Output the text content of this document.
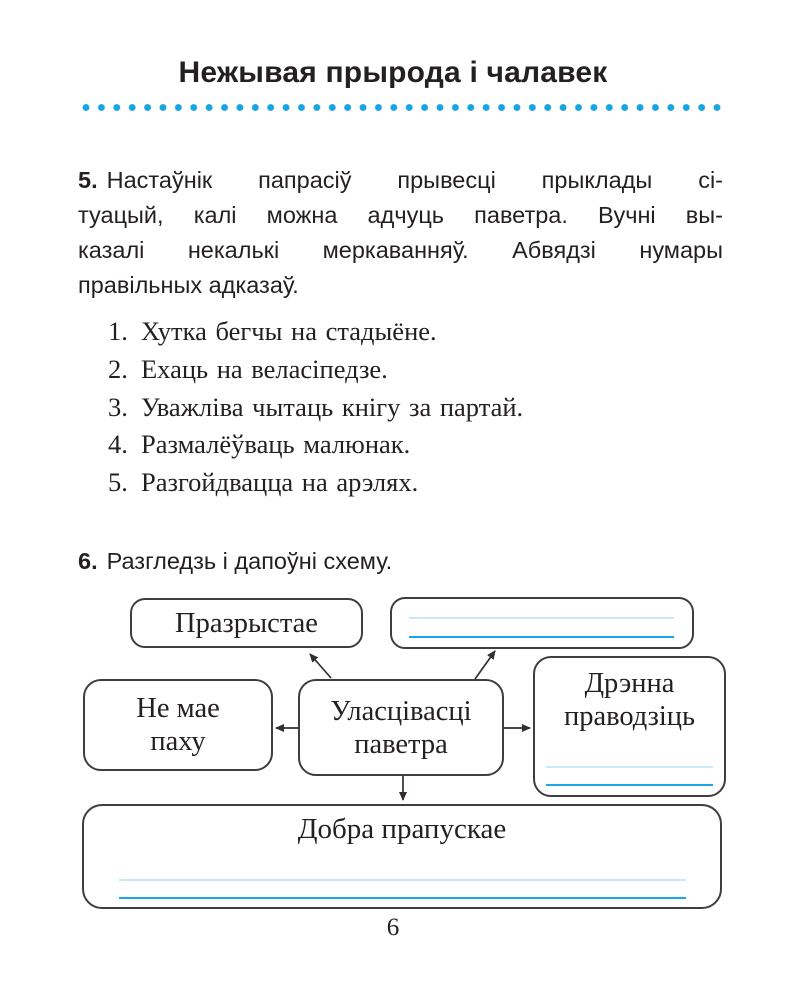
Нежывая прырода і чалавек
5. Настаўнік папрасіў прывесці прыклады сі-
туацый, калі можна адчуць паветра. Вучні вы-
казалі некалькі меркаванняў. Абвядзі нумары
правільных адказаў.
1. Хутка бегчы на стадыёне.
2. Ехаць на веласіпедзе.
3. Уважліва чытаць кнігу за партай.
4. Размалёўваць малюнак.
5. Разгойдвацца на арэлях.
6. Разгледзь і дапоўні схему.
Празрыстае
Не мае
паху
Уласцівасці
паветра
Дрэнна
праводзіць
Добра прапускае
6
